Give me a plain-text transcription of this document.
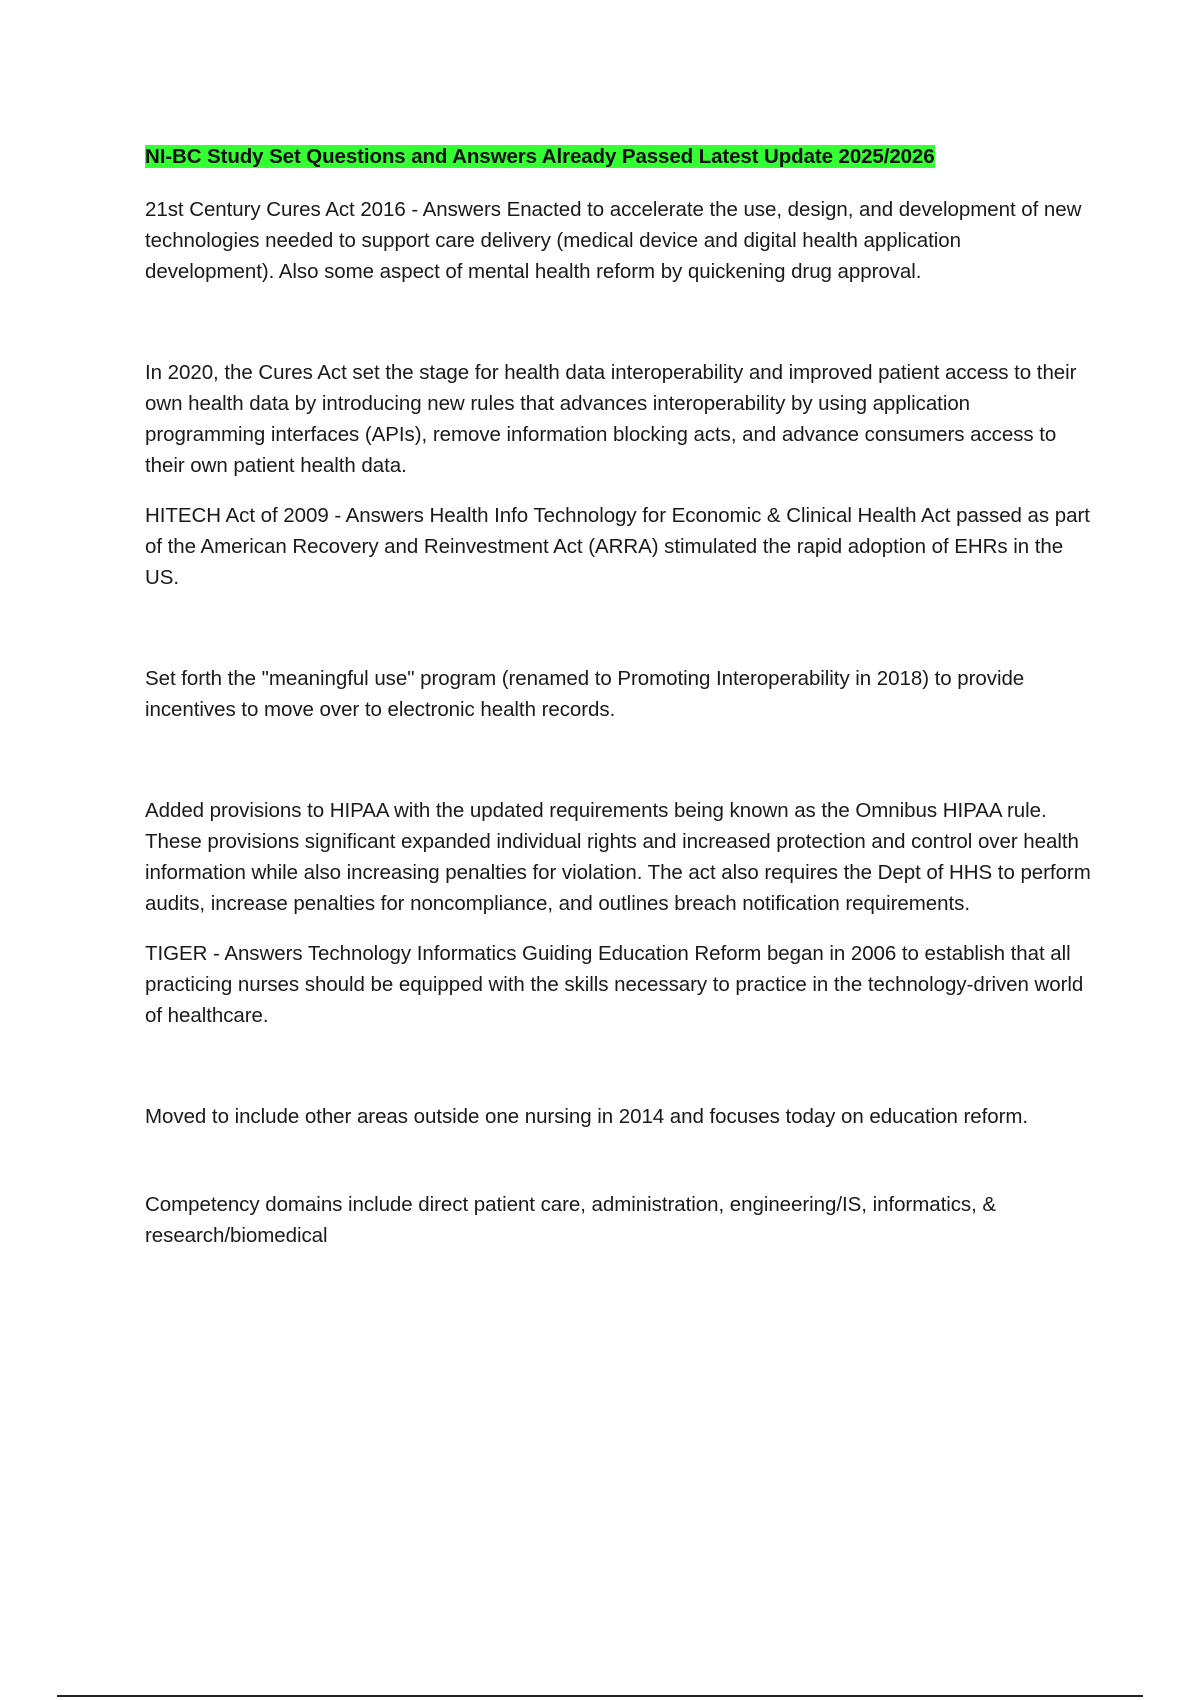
NI-BC Study Set Questions and Answers Already Passed Latest Update 2025/2026

21st Century Cures Act 2016 - Answers Enacted to accelerate the use, design, and development of new technologies needed to support care delivery (medical device and digital health application development). Also some aspect of mental health reform by quickening drug approval.

In 2020, the Cures Act set the stage for health data interoperability and improved patient access to their own health data by introducing new rules that advances interoperability by using application programming interfaces (APIs), remove information blocking acts, and advance consumers access to their own patient health data.

HITECH Act of 2009 - Answers Health Info Technology for Economic & Clinical Health Act passed as part of the American Recovery and Reinvestment Act (ARRA) stimulated the rapid adoption of EHRs in the US.

Set forth the "meaningful use" program (renamed to Promoting Interoperability in 2018) to provide incentives to move over to electronic health records.

Added provisions to HIPAA with the updated requirements being known as the Omnibus HIPAA rule. These provisions significant expanded individual rights and increased protection and control over health information while also increasing penalties for violation. The act also requires the Dept of HHS to perform audits, increase penalties for noncompliance, and outlines breach notification requirements.

TIGER - Answers Technology Informatics Guiding Education Reform began in 2006 to establish that all practicing nurses should be equipped with the skills necessary to practice in the technology-driven world of healthcare.

Moved to include other areas outside one nursing in 2014 and focuses today on education reform.

Competency domains include direct patient care, administration, engineering/IS, informatics, & research/biomedical
